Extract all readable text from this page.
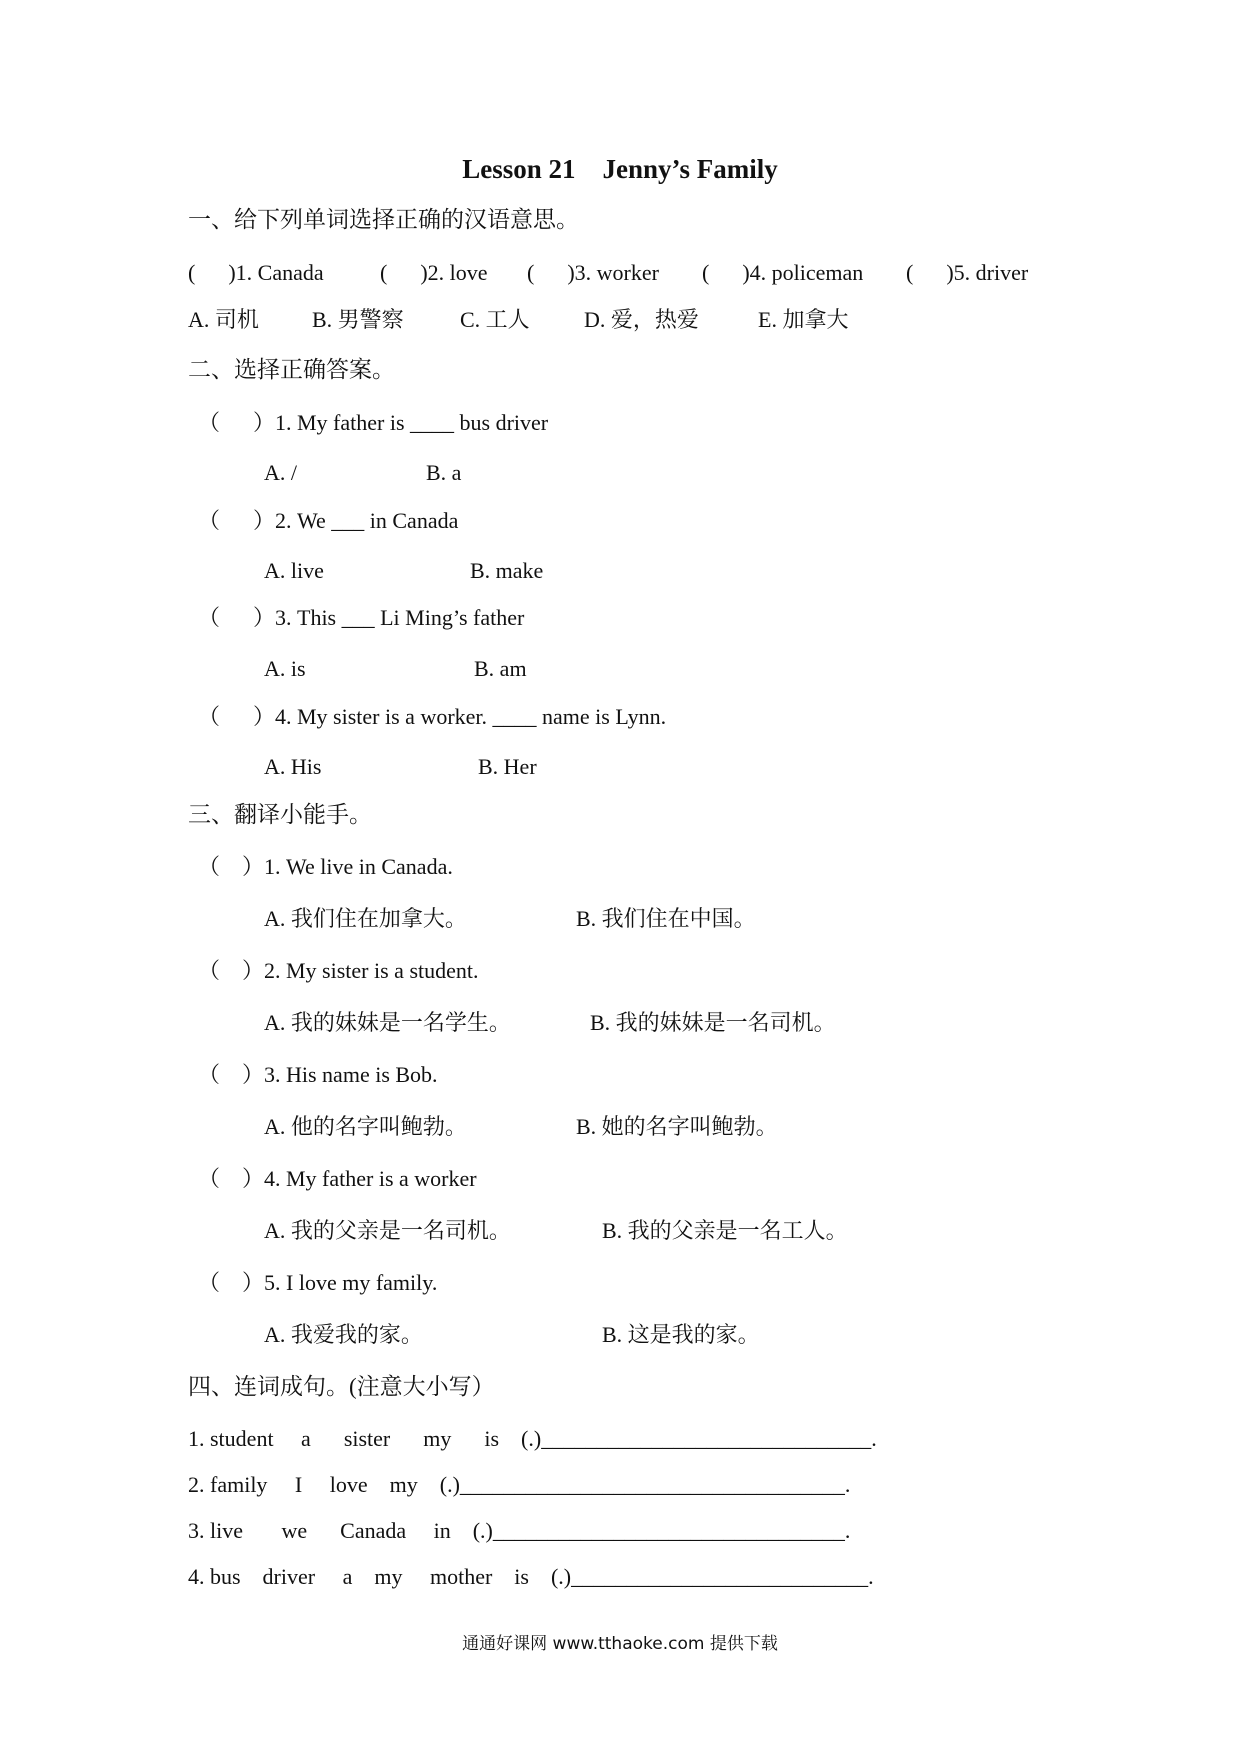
Lesson 21    Jenny’s Family
一、给下列单词选择正确的汉语意思。
(      )1. Canada	(      )2. love (      )3. worker (      )4. policeman (      )5. driver
A. 司机 B. 男警察	C. 工人 D. 爱，热爱	E. 加拿大
二、选择正确答案。
（      ）1. My father is ____ bus driver
A. /	B. a
（      ）2. We ___ in Canada
A. live	B. make
（      ）3. This ___ Li Ming’s father
A. is	B. am
（      ）4. My sister is a worker. ____ name is Lynn.
A. His	B. Her
三、翻译小能手。
（    ）1. We live in Canada.
A. 我们住在加拿大。	B. 我们住在中国。
（    ）2. My sister is a student.
A. 我的妹妹是一名学生。	B. 我的妹妹是一名司机。
（    ）3. His name is Bob.
A. 他的名字叫鲍勃。	B. 她的名字叫鲍勃。
（    ）4. My father is a worker
A. 我的父亲是一名司机。	B. 我的父亲是一名工人。
（    ）5. I love my family.
A. 我爱我的家。	B. 这是我的家。
四、连词成句。(注意大小写）
1. student     a      sister      my      is    (.)______________________________.
2. family     I     love    my    (.)___________________________________.
3. live       we      Canada     in    (.)________________________________.
4. bus    driver     a    my     mother    is    (.)___________________________.
通通好课网 www.tthaoke.com 提供下载
